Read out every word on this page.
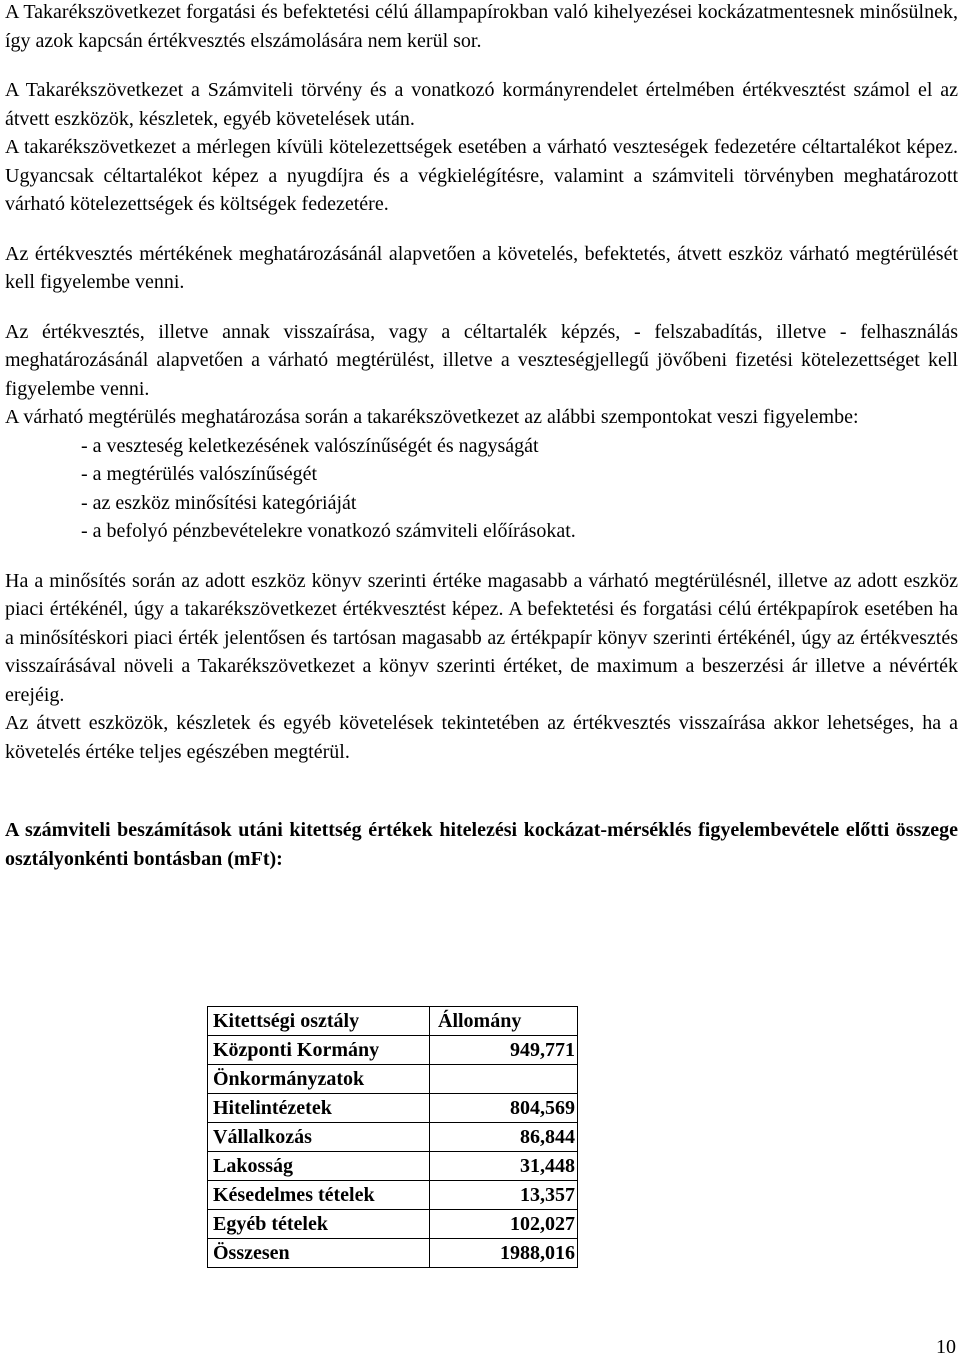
A Takarékszövetkezet forgatási és befektetési célú állampapírokban való kihelyezései kockázatmentesnek minősülnek, így azok kapcsán értékvesztés elszámolására nem kerül sor.

A Takarékszövetkezet a Számviteli törvény és a vonatkozó kormányrendelet értelmében értékvesztést számol el az átvett eszközök, készletek, egyéb követelések után.

A takarékszövetkezet a mérlegen kívüli kötelezettségek esetében a várható veszteségek fedezetére céltartalékot képez. Ugyancsak céltartalékot képez a nyugdíjra és a végkielégítésre, valamint a számviteli törvényben meghatározott várható kötelezettségek és költségek fedezetére.

Az értékvesztés mértékének meghatározásánál alapvetően a követelés, befektetés, átvett eszköz várható megtérülését kell figyelembe venni.

Az értékvesztés, illetve annak visszaírása, vagy a céltartalék képzés, - felszabadítás, illetve - felhasználás meghatározásánál alapvetően a várható megtérülést, illetve a veszteségjellegű jövőbeni fizetési kötelezettséget kell figyelembe venni.

A várható megtérülés meghatározása során a takarékszövetkezet az alábbi szempontokat veszi figyelembe:

- a veszteség keletkezésének valószínűségét és nagyságát
- a megtérülés valószínűségét
- az eszköz minősítési kategóriáját
- a befolyó pénzbevételekre vonatkozó számviteli előírásokat.

Ha a minősítés során az adott eszköz könyv szerinti értéke magasabb a várható megtérülésnél, illetve az adott eszköz piaci értékénél, úgy a takarékszövetkezet értékvesztést képez. A befektetési és forgatási célú értékpapírok esetében ha a minősítéskori piaci érték jelentősen és tartósan magasabb az értékpapír könyv szerinti értékénél, úgy az értékvesztés visszaírásával növeli a Takarékszövetkezet a könyv szerinti értéket, de maximum a beszerzési ár illetve a névérték erejéig.

Az átvett eszközök, készletek és egyéb követelések tekintetében az értékvesztés visszaírása akkor lehetséges, ha a követelés értéke teljes egészében megtérül.

A számviteli beszámítások utáni kitettség értékek hitelezési kockázat-mérséklés figyelembevétele előtti összege osztályonkénti bontásban (mFt):

Kitettségi osztály	Állomány
Központi Kormány	949,771
Önkormányzatok	
Hitelintézetek	804,569
Vállalkozás	86,844
Lakosság	31,448
Késedelmes tételek	13,357
Egyéb tételek	102,027
Összesen	1988,016
10
